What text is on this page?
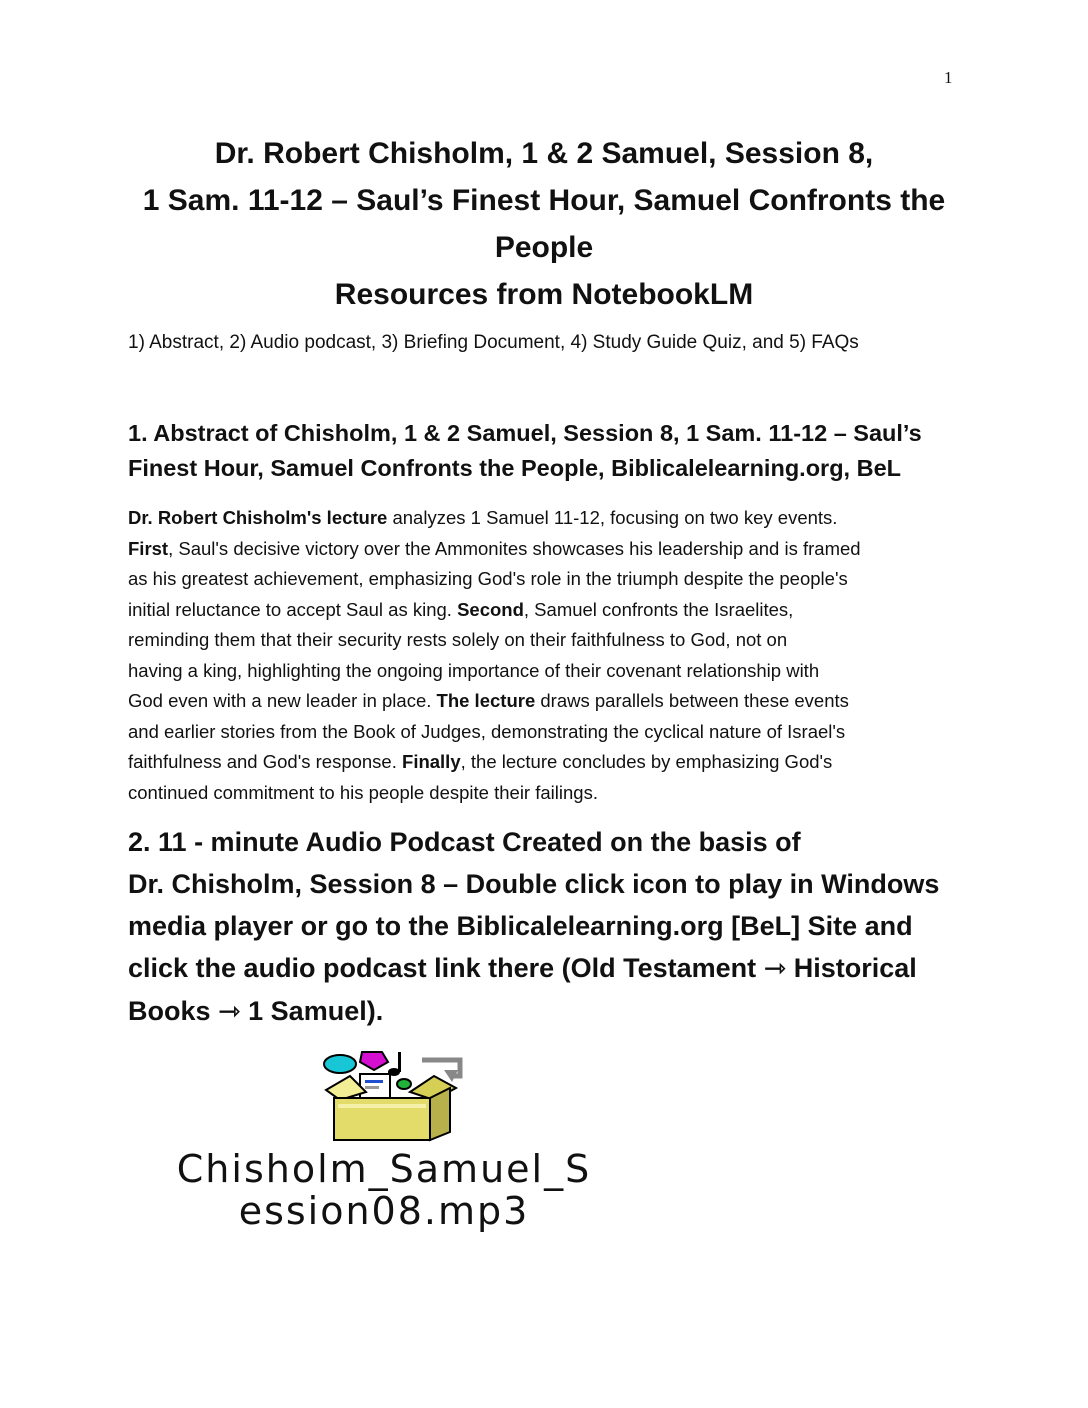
1
Dr. Robert Chisholm, 1 & 2 Samuel, Session 8,
1 Sam. 11-12 – Saul’s Finest Hour, Samuel Confronts the
People
Resources from NotebookLM
1) Abstract, 2) Audio podcast, 3) Briefing Document, 4) Study Guide Quiz, and 5) FAQs
1. Abstract of Chisholm, 1 & 2 Samuel, Session 8, 1 Sam. 11-12 – Saul’s
Finest Hour, Samuel Confronts the People, Biblicalelearning.org, BeL
Dr. Robert Chisholm's lecture analyzes 1 Samuel 11-12, focusing on two key events.
First, Saul's decisive victory over the Ammonites showcases his leadership and is framed
as his greatest achievement, emphasizing God's role in the triumph despite the people's
initial reluctance to accept Saul as king. Second, Samuel confronts the Israelites,
reminding them that their security rests solely on their faithfulness to God, not on
having a king, highlighting the ongoing importance of their covenant relationship with
God even with a new leader in place. The lecture draws parallels between these events
and earlier stories from the Book of Judges, demonstrating the cyclical nature of Israel's
faithfulness and God's response. Finally, the lecture concludes by emphasizing God's
continued commitment to his people despite their failings.
2. 11 - minute Audio Podcast Created on the basis of
Dr. Chisholm, Session 8 – Double click icon to play in Windows
media player or go to the Biblicalelearning.org [BeL] Site and
click the audio podcast link there (Old Testament ⇾ Historical
Books ⇾ 1 Samuel).
Chisholm_Samuel_S
ession08.mp3
